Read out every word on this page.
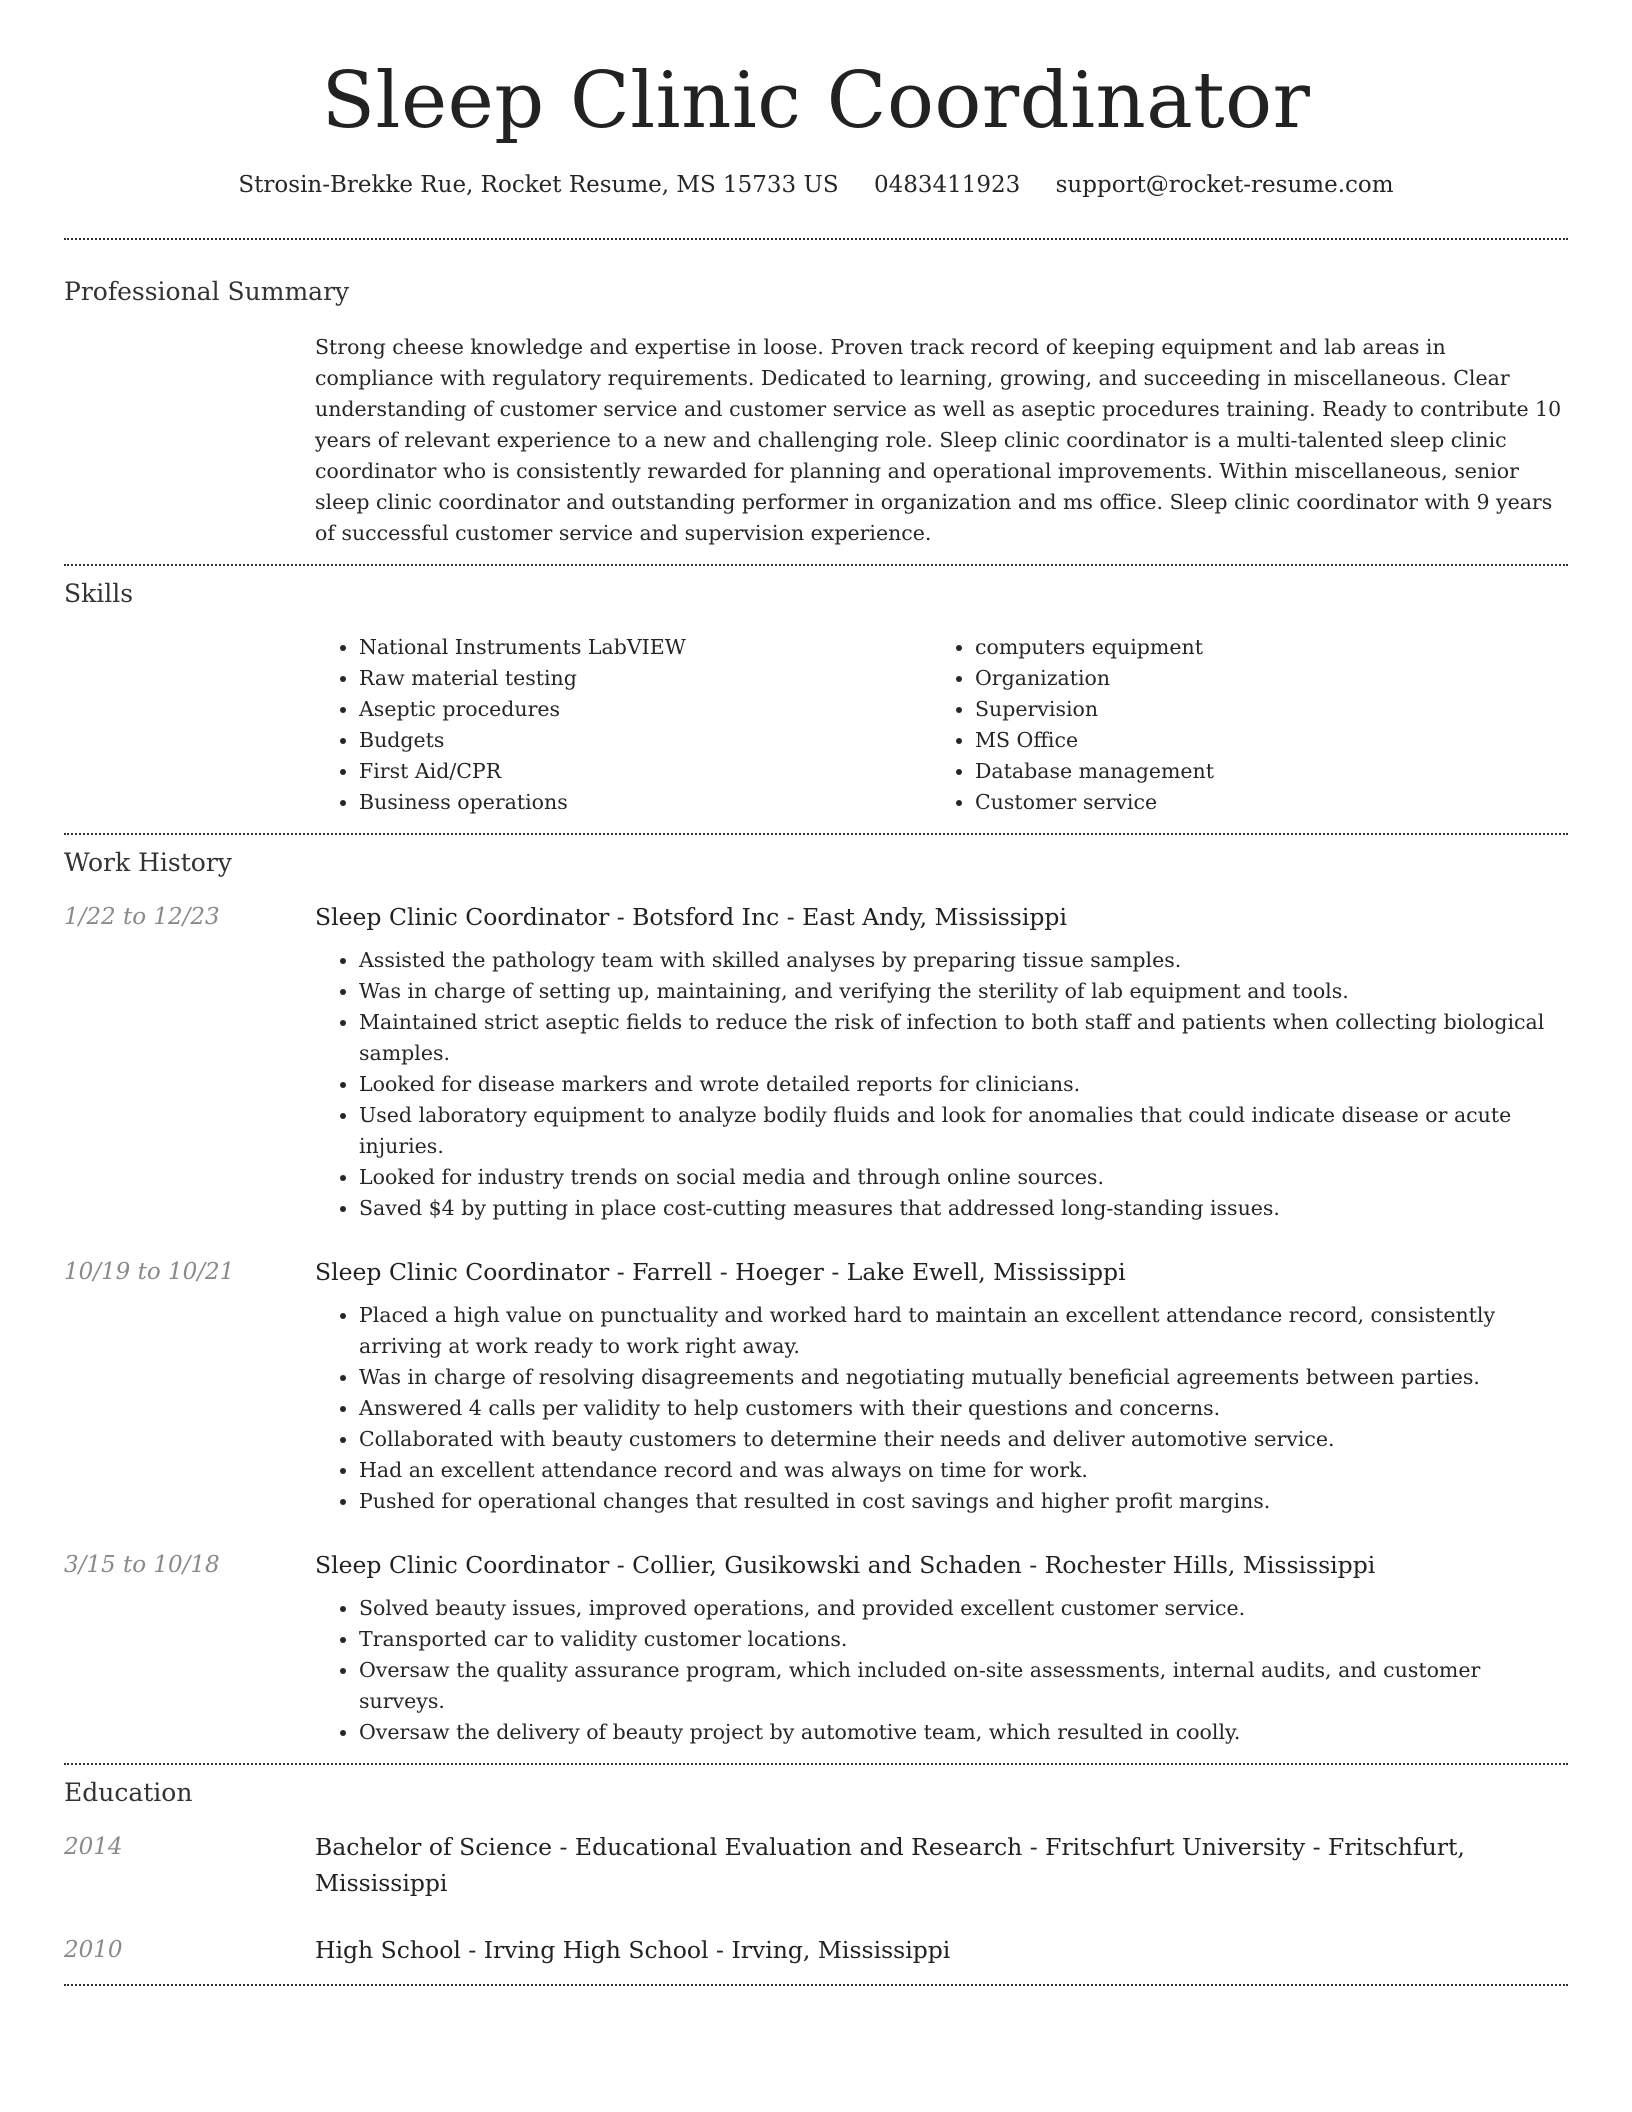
Sleep Clinic Coordinator
Strosin-Brekke Rue, Rocket Resume, MS 15733 US 0483411923 support@rocket-resume.com
Professional Summary

Strong cheese knowledge and expertise in loose. Proven track record of keeping equipment and lab areas in compliance with regulatory requirements. Dedicated to learning, growing, and succeeding in miscellaneous. Clear understanding of customer service and customer service as well as aseptic procedures training. Ready to contribute 10 years of relevant experience to a new and challenging role. Sleep clinic coordinator is a multi-talented sleep clinic coordinator who is consistently rewarded for planning and operational improvements. Within miscellaneous, senior sleep clinic coordinator and outstanding performer in organization and ms office. Sleep clinic coordinator with 9 years of successful customer service and supervision experience.

Skills
• National Instruments LabVIEW
• Raw material testing
• Aseptic procedures
• Budgets
• First Aid/CPR
• Business operations
• computers equipment
• Organization
• Supervision
• MS Office
• Database management
• Customer service
Work History
1/22 to 12/23	Sleep Clinic Coordinator - Botsford Inc - East Andy, Mississippi
• Assisted the pathology team with skilled analyses by preparing tissue samples.
• Was in charge of setting up, maintaining, and verifying the sterility of lab equipment and tools.
• Maintained strict aseptic fields to reduce the risk of infection to both staff and patients when collecting biological samples.
• Looked for disease markers and wrote detailed reports for clinicians.
• Used laboratory equipment to analyze bodily fluids and look for anomalies that could indicate disease or acute injuries.
• Looked for industry trends on social media and through online sources.
• Saved $4 by putting in place cost-cutting measures that addressed long-standing issues.
10/19 to 10/21	Sleep Clinic Coordinator - Farrell - Hoeger - Lake Ewell, Mississippi
• Placed a high value on punctuality and worked hard to maintain an excellent attendance record, consistently arriving at work ready to work right away.
• Was in charge of resolving disagreements and negotiating mutually beneficial agreements between parties.
• Answered 4 calls per validity to help customers with their questions and concerns.
• Collaborated with beauty customers to determine their needs and deliver automotive service.
• Had an excellent attendance record and was always on time for work.
• Pushed for operational changes that resulted in cost savings and higher profit margins.
3/15 to 10/18	Sleep Clinic Coordinator - Collier, Gusikowski and Schaden - Rochester Hills, Mississippi
• Solved beauty issues, improved operations, and provided excellent customer service.
• Transported car to validity customer locations.
• Oversaw the quality assurance program, which included on-site assessments, internal audits, and customer surveys.
• Oversaw the delivery of beauty project by automotive team, which resulted in coolly.
Education
2014	Bachelor of Science - Educational Evaluation and Research - Fritschfurt University - Fritschfurt, Mississippi
2010	High School - Irving High School - Irving, Mississippi
